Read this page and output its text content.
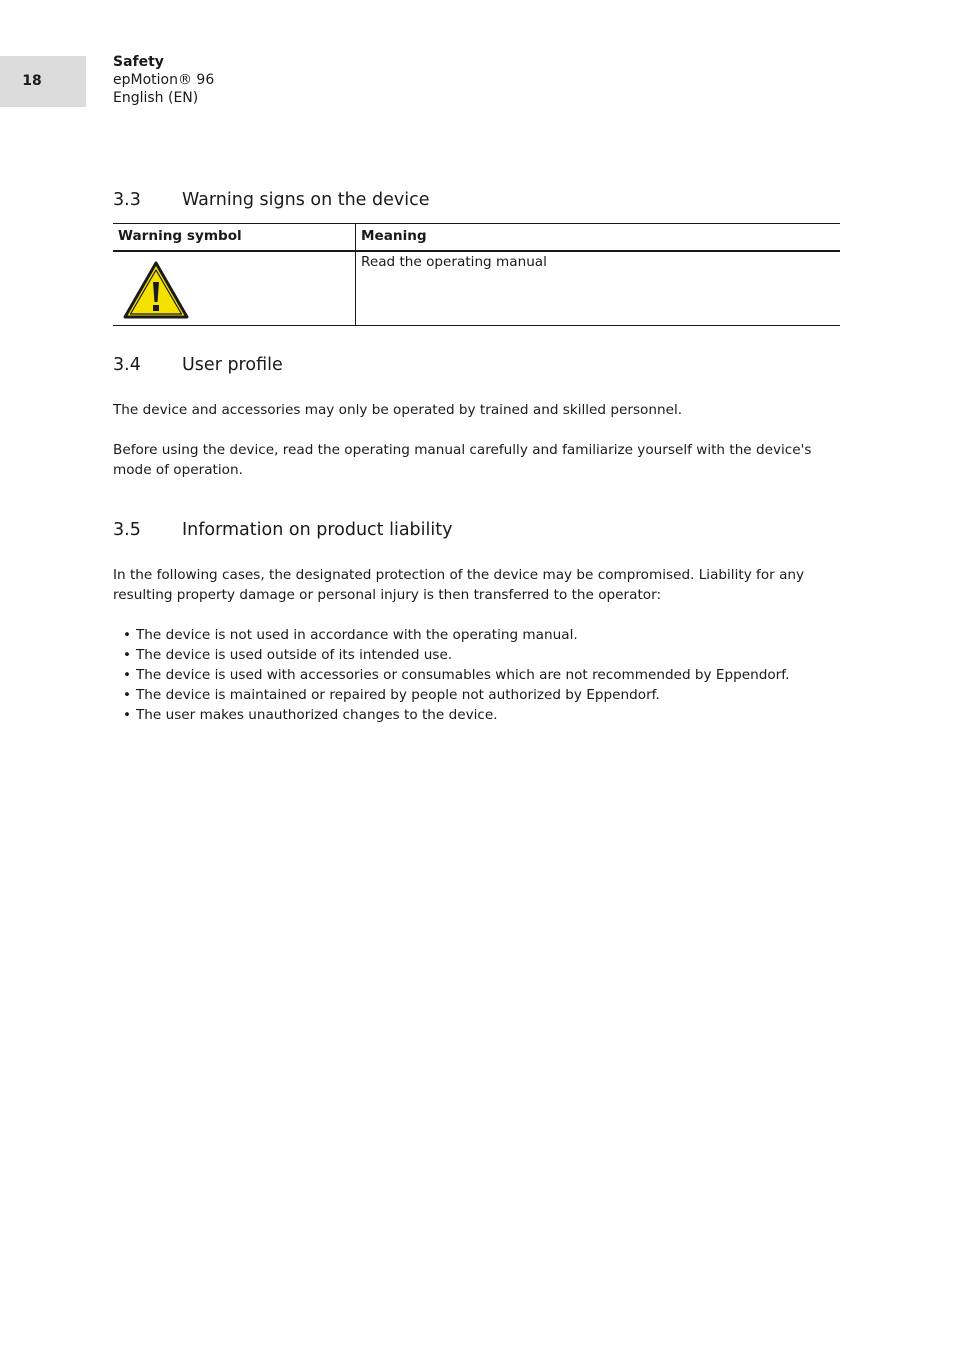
18
Safety
epMotion® 96
English (EN)
3.3 Warning signs on the device
Warning symbol	Meaning

	Read the operating manual
3.4 User profile

The device and accessories may only be operated by trained and skilled personnel.

Before using the device, read the operating manual carefully and familiarize yourself with the device's mode of operation.

3.5 Information on product liability

In the following cases, the designated protection of the device may be compromised. Liability for any resulting property damage or personal injury is then transferred to the operator:

• The device is not used in accordance with the operating manual.
• The device is used outside of its intended use.
• The device is used with accessories or consumables which are not recommended by Eppendorf.
• The device is maintained or repaired by people not authorized by Eppendorf.
• The user makes unauthorized changes to the device.
